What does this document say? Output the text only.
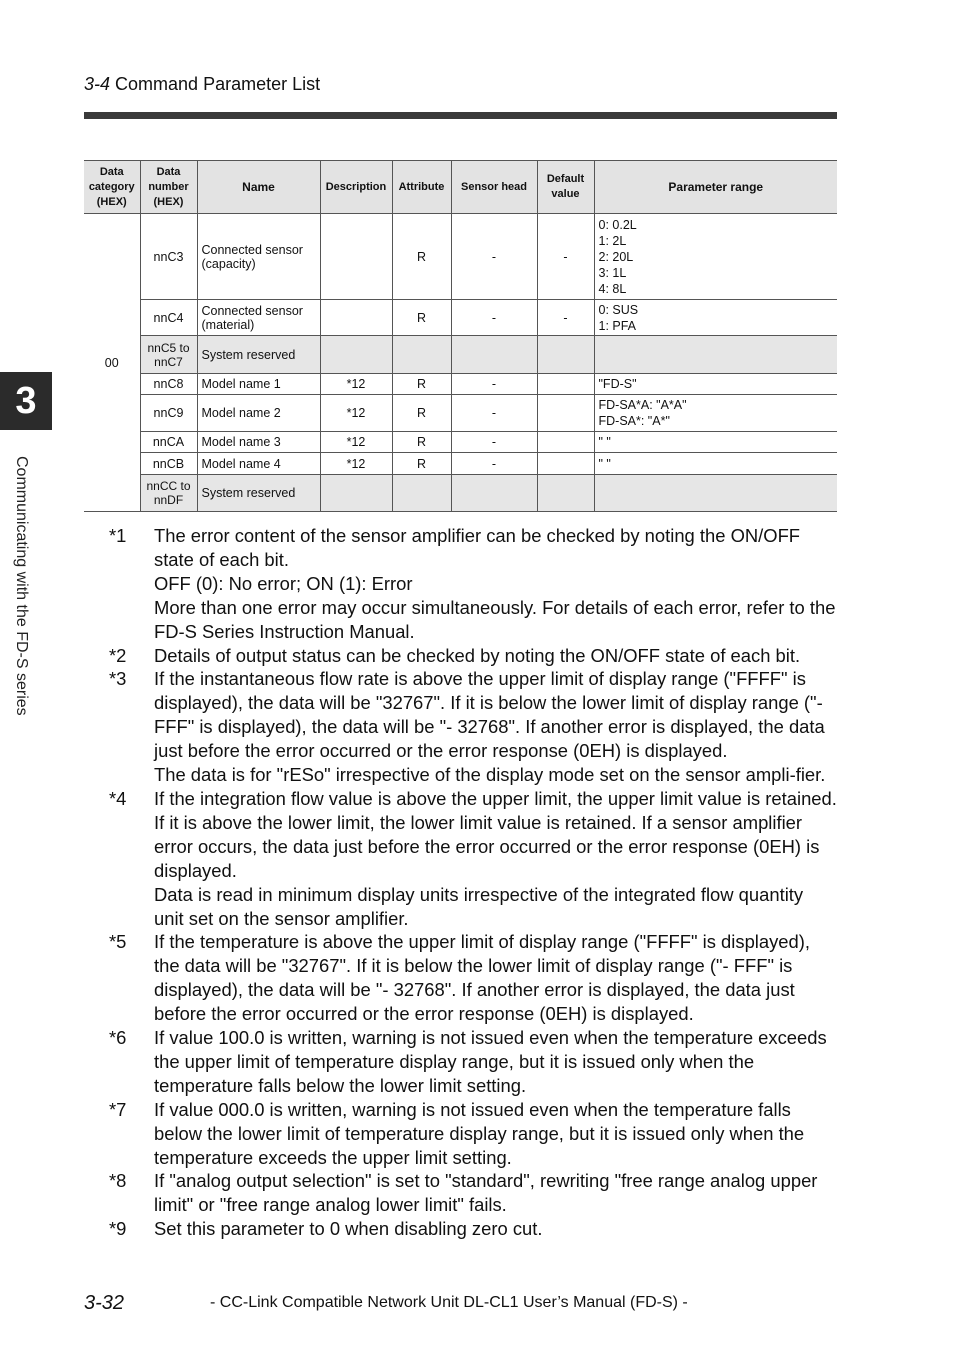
3-4 Command Parameter List
3
Communicating with the FD-S series
Data
category
(HEX)	Data
number
(HEX)	Name	Description	Attribute	Sensor head	Default
value	Parameter range
00	nnC3	Connected sensor (capacity)		R	-	-	0: 0.2L
1: 2L
2: 20L
3: 1L
4: 8L

	nnC4	Connected sensor (material)		R	-	-	0: SUS
1: PFA

	nnC5 to nnC7	System reserved					
	nnC8	Model name 1	*12	R	-		"FD-S"
	nnC9	Model name 2	*12	R	-		FD-SA*A: "A*A"
FD-SA*: "A*"

	nnCA	Model name 3	*12	R	-		" "
	nnCB	Model name 4	*12	R	-		" "
	nnCC to nnDF	System reserved					
*1	The error content of the sensor amplifier can be checked by noting the ON/OFF state of each bit.

OFF (0): No error; ON (1): Error

More than one error may occur simultaneously. For details of each error, refer to the FD-S Series Instruction Manual.

*2	Details of output status can be checked by noting the ON/OFF state of each bit.

*3	If the instantaneous flow rate is above the upper limit of display range ("FFFF" is displayed), the data will be "32767". If it is below the lower limit of display range ("- FFF" is displayed), the data will be "- 32768". If another error is displayed, the data just before the error occurred or the error response (0EH) is displayed.

The data is for "rESo" irrespective of the display mode set on the sensor ampli-fier.

*4	If the integration flow value is above the upper limit, the upper limit value is retained. If it is above the lower limit, the lower limit value is retained. If a sensor amplifier error occurs, the data just before the error occurred or the error response (0EH) is displayed.

Data is read in minimum display units irrespective of the integrated flow quantity unit set on the sensor amplifier.

*5	If the temperature is above the upper limit of display range ("FFFF" is displayed), the data will be "32767". If it is below the lower limit of display range ("- FFF" is displayed), the data will be "- 32768". If another error is displayed, the data just before the error occurred or the error response (0EH) is displayed.

*6	If value 100.0 is written, warning is not issued even when the temperature exceeds the upper limit of temperature display range, but it is issued only when the temperature falls below the lower limit setting.

*7	If value 000.0 is written, warning is not issued even when the temperature falls below the lower limit of temperature display range, but it is issued only when the temperature exceeds the upper limit setting.

*8	If "analog output selection" is set to "standard", rewriting "free range analog upper limit" or "free range analog lower limit" fails.

*9	Set this parameter to 0 when disabling zero cut.

3-32	- CC-Link Compatible Network Unit DL-CL1 User’s Manual (FD-S) -
